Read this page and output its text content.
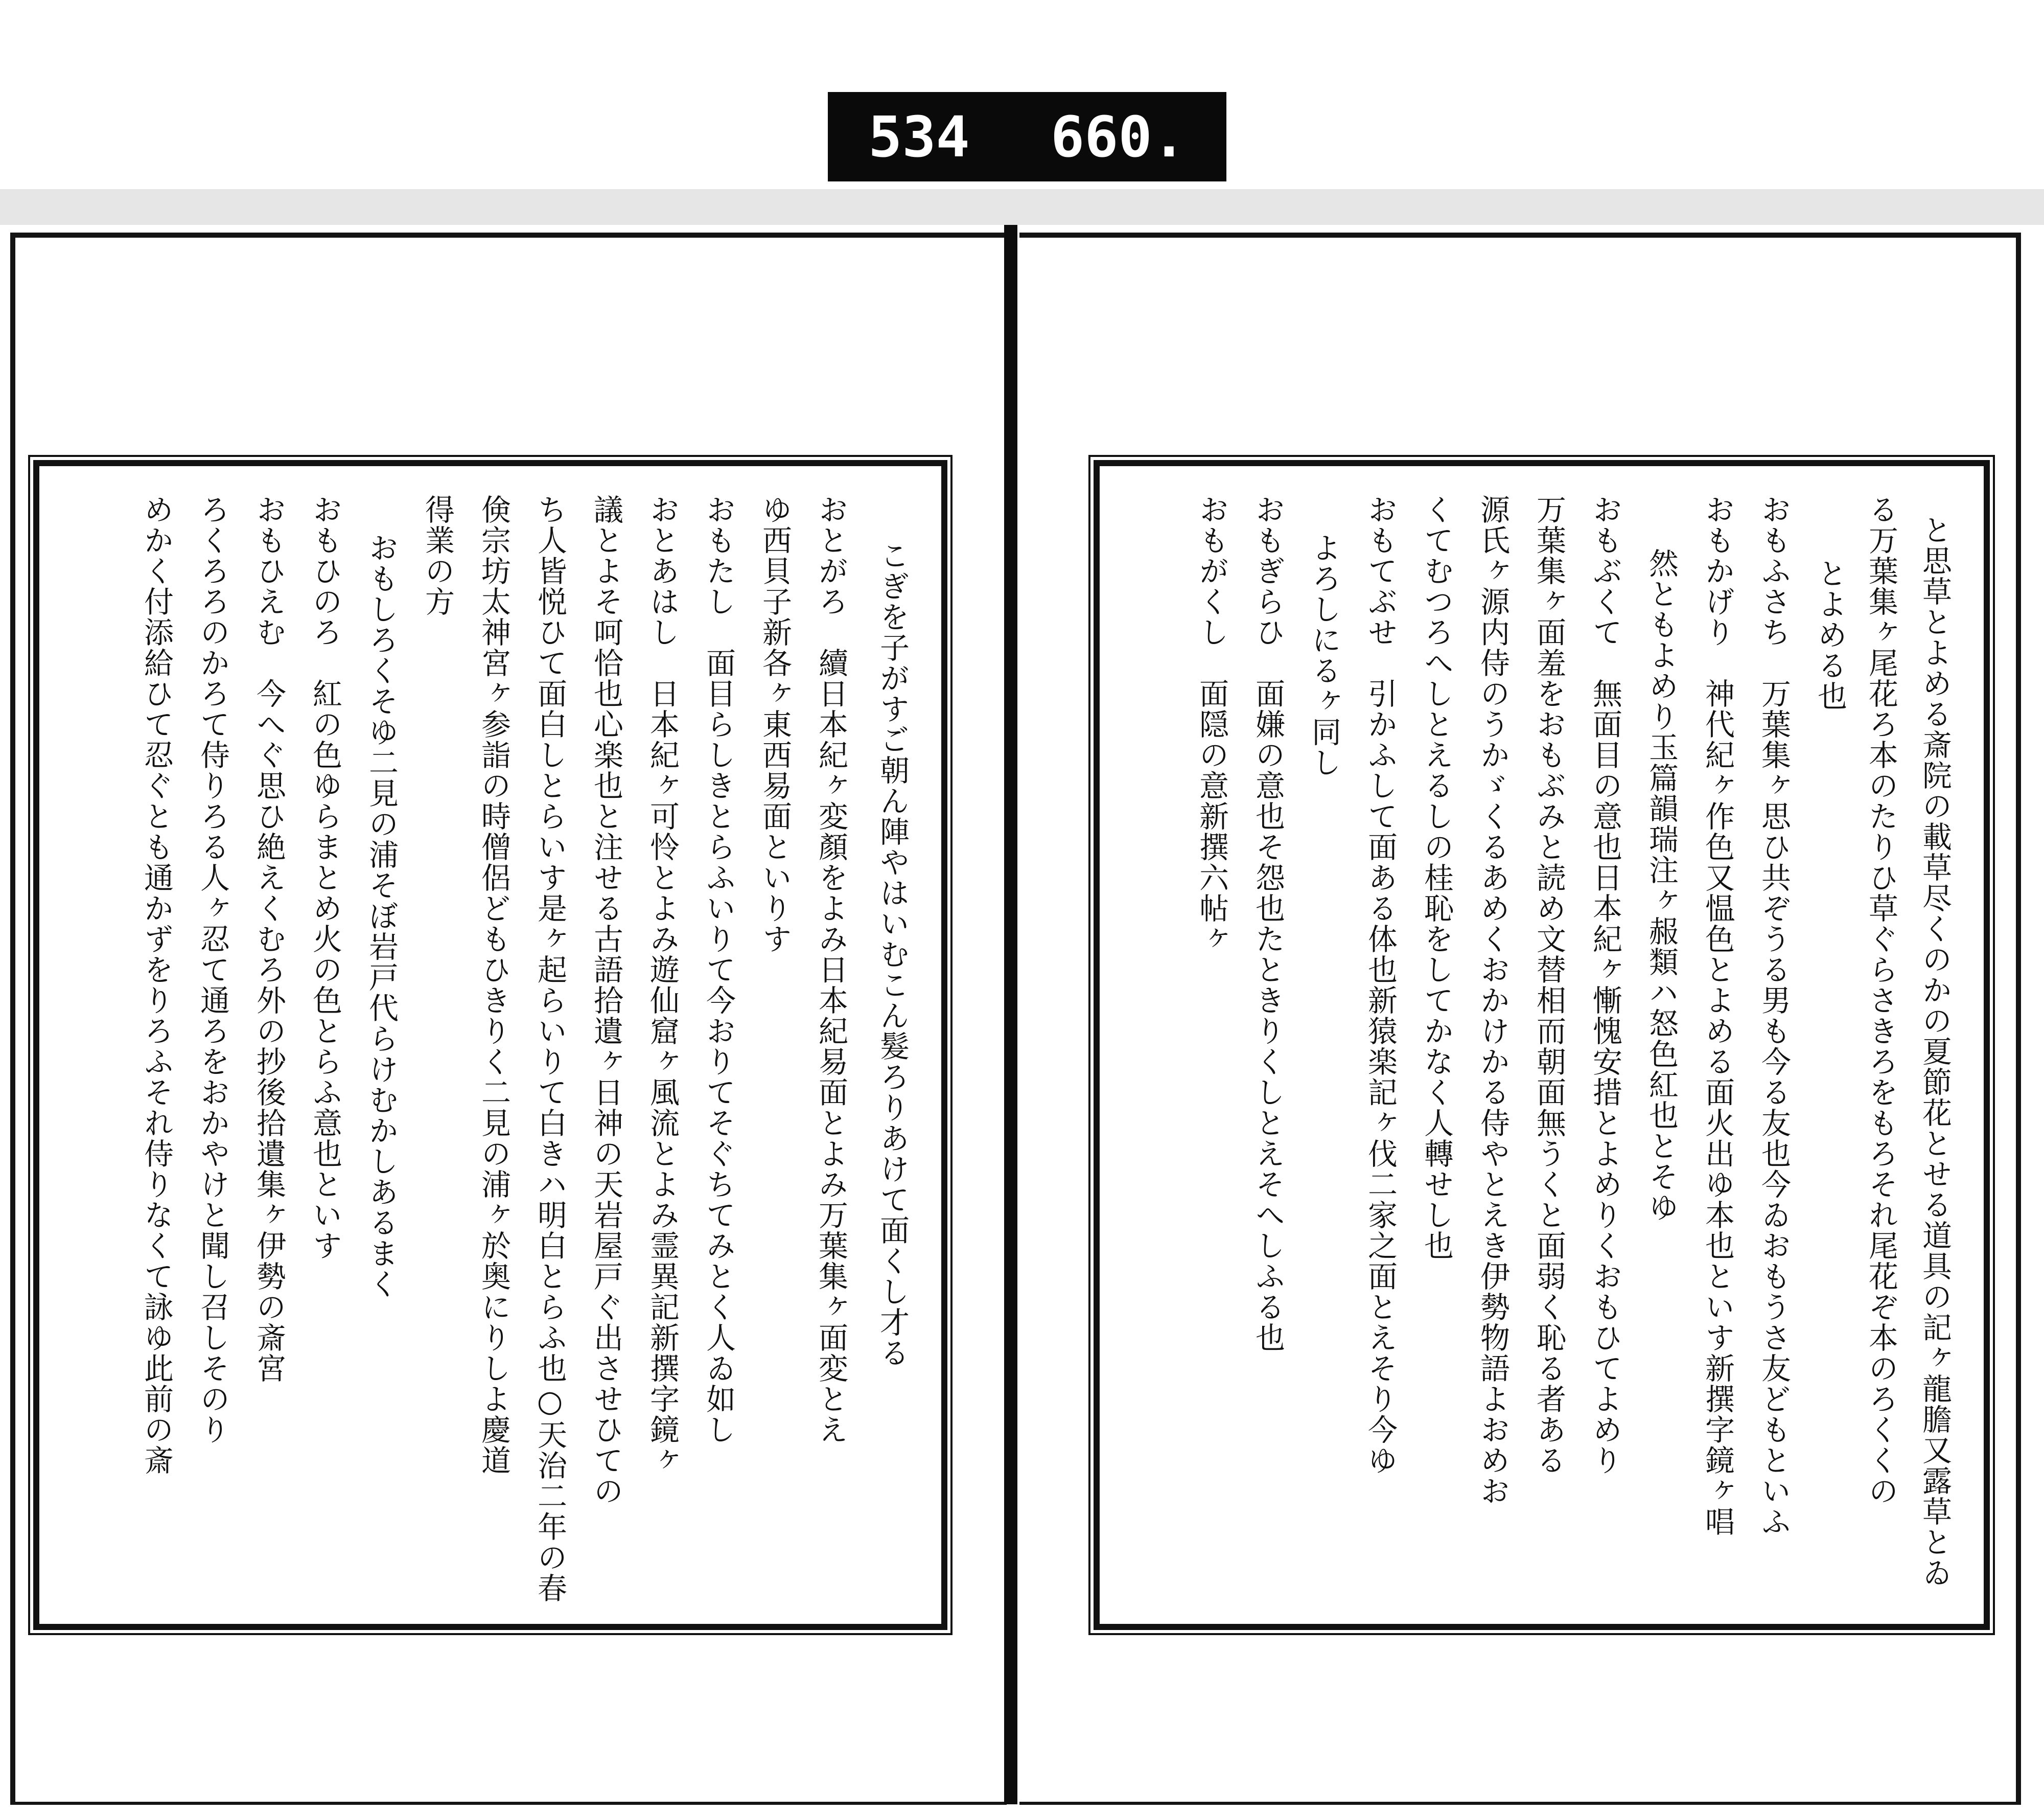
534 660.
こぎを子がすご朝ん陣やはいむこん髮ろりあけて面くし才る
おとがろ　續日本紀ヶ変顏をよみ日本紀易面とよみ万葉集ヶ面変とえ
ゆ西貝子新各ヶ東西易面といりす
おもたし　面目らしきとらふいりて今おりてそぐちてみとく人ゐ如し
おとあはし　日本紀ヶ可怜とよみ遊仙窟ヶ風流とよみ霊異記新撰字鏡ヶ
議とよそ呵恰也心楽也と注せる古語拾遺ヶ日神の天岩屋戸ぐ出させひての
ち人皆悦ひて面白しとらいす是ヶ起らいりて白きハ明白とらふ也○天治二年の春
倹宗坊太神宮ヶ参詣の時僧侶どもひきりく二見の浦ヶ於奥にりしよ慶道
得業の方
おもしろくそゆ二見の浦そぼ岩戸代らけむかしあるまく
おもひのろ　紅の色ゆらまとめ火の色とらふ意也といす
おもひえむ　今へぐ思ひ絶えくむろ外の抄後拾遺集ヶ伊勢の斎宮
ろくろろのかろて侍りろる人ヶ忍て通ろをおかやけと聞し召しそのり
めかく付添給ひて忍ぐとも通かずをりろふそれ侍りなくて詠ゆ此前の斎	と思草とよめる斎院の載草尽くのかの夏節花とせる道具の記ヶ龍膽又露草とゐ
る万葉集ヶ尾花ろ本のたりひ草ぐらさきろをもろそれ尾花ぞ本のろくくの
とよめる也
おもふさち　万葉集ヶ思ひ共ぞうる男も今る友也今ゐおもうさ友どもといふ
おもかげり　神代紀ヶ作色又愠色とよめる面火出ゆ本也といす新撰字鏡ヶ唱
然ともよめり玉篇韻瑞注ヶ赧類ハ怒色紅也とそゆ
おもぶくて　無面目の意也日本紀ヶ慚愧安措とよめりくおもひてよめり
万葉集ヶ面羞をおもぶみと読め文替相而朝面無うくと面弱く恥る者ある
源氏ヶ源内侍のうかゞくるあめくおかけかる侍やとえき伊勢物語よおめお
くてむつろへしとえるしの桂恥をしてかなく人轉せし也
おもてぶせ　引かふして面ある体也新猿楽記ヶ伐二家之面とえそり今ゆ
よろしにるヶ同し
おもぎらひ　面嫌の意也そ怨也たときりくしとえそへしふる也
おもがくし　面隠の意新撰六帖ヶ
